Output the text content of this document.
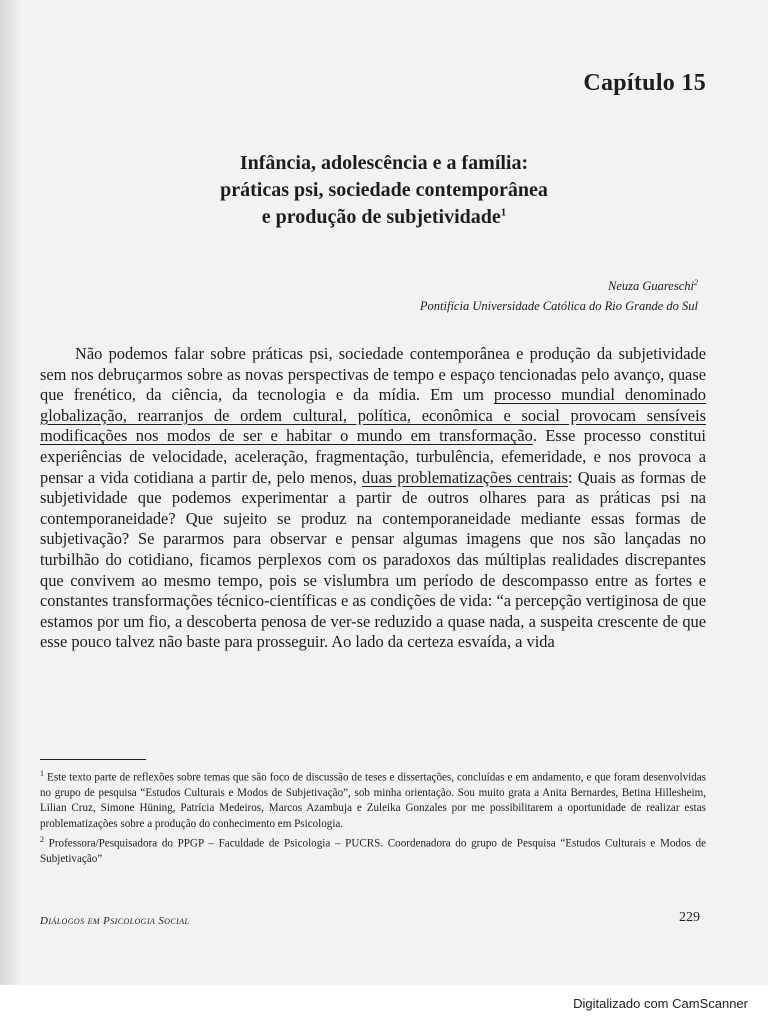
Capítulo 15
Infância, adolescência e a família:
práticas psi, sociedade contemporânea
e produção de subjetividade$^1$
Neuza Guareschi$^2$
Pontifícia Universidade Católica do Rio Grande do Sul

Não podemos falar sobre práticas psi, sociedade contemporânea e produção da subjetividade sem nos debruçarmos sobre as novas perspectivas de tempo e espaço tencionadas pelo avanço, quase que frenético, da ciência, da tecnologia e da mídia. Em um processo mundial denominado globalização, rearranjos de ordem cultural, política, econômica e social provocam sensíveis modificações nos modos de ser e habitar o mundo em transformação. Esse processo constitui experiências de velocidade, aceleração, fragmentação, turbulência, efemeridade, e nos provoca a pensar a vida cotidiana a partir de, pelo menos, duas problematizações centrais: Quais as formas de subjetividade que podemos experimentar a partir de outros olhares para as práticas psi na contemporaneidade? Que sujeito se produz na contemporaneidade mediante essas formas de subjetivação? Se pararmos para observar e pensar algumas imagens que nos são lançadas no turbilhão do cotidiano, ficamos perplexos com os paradoxos das múltiplas realidades discrepantes que convivem ao mesmo tempo, pois se vislumbra um período de descompasso entre as fortes e constantes transformações técnico-científicas e as condições de vida: “a percepção vertiginosa de que estamos por um fio, a descoberta penosa de ver-se reduzido a quase nada, a suspeita crescente de que esse pouco talvez não baste para prosseguir. Ao lado da certeza esvaída, a vida

$^1$ Este texto parte de reflexões sobre temas que são foco de discussão de teses e dissertações, concluídas e em andamento, e que foram desenvolvidas no grupo de pesquisa “Estudos Culturais e Modos de Subjetivação”, sob minha orientação. Sou muito grata a Anita Bernardes, Betina Hillesheim, Lilian Cruz, Simone Hüning, Patrícia Medeiros, Marcos Azambuja e Zuleika Gonzales por me possibilitarem a oportunidade de realizar estas problematizações sobre a produção do conhecimento em Psicologia.

$^2$ Professora/Pesquisadora do PPGP – Faculdade de Psicologia – PUCRS. Coordenadora do grupo de Pesquisa “Estudos Culturais e Modos de Subjetivação”

Diálogos em Psicologia Social	229
Digitalizado com CamScanner
